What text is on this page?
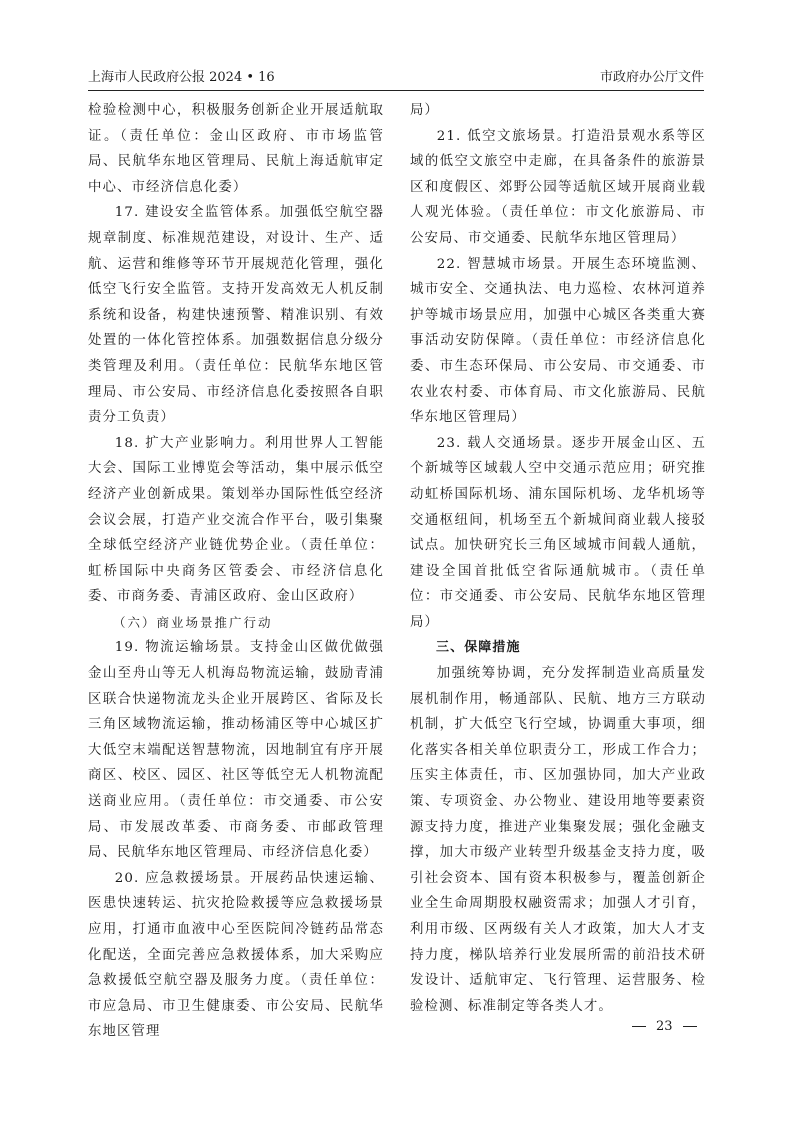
上海市人民政府公报 2024 • 16	市政府办公厅文件

检验检测中心，积极服务创新企业开展适航取证。（责任单位：金山区政府、市市场监管局、民航华东地区管理局、民航上海适航审定中心、市经济信息化委）

17. 建设安全监管体系。加强低空航空器规章制度、标准规范建设，对设计、生产、适航、运营和维修等环节开展规范化管理，强化低空飞行安全监管。支持开发高效无人机反制系统和设备，构建快速预警、精准识别、有效处置的一体化管控体系。加强数据信息分级分类管理及利用。（责任单位：民航华东地区管理局、市公安局、市经济信息化委按照各自职责分工负责）

18. 扩大产业影响力。利用世界人工智能大会、国际工业博览会等活动，集中展示低空经济产业创新成果。策划举办国际性低空经济会议会展，打造产业交流合作平台，吸引集聚全球低空经济产业链优势企业。（责任单位：虹桥国际中央商务区管委会、市经济信息化委、市商务委、青浦区政府、金山区政府）

（六）商业场景推广行动

19. 物流运输场景。支持金山区做优做强金山至舟山等无人机海岛物流运输，鼓励青浦区联合快递物流龙头企业开展跨区、省际及长三角区域物流运输，推动杨浦区等中心城区扩大低空末端配送智慧物流，因地制宜有序开展商区、校区、园区、社区等低空无人机物流配送商业应用。（责任单位：市交通委、市公安局、市发展改革委、市商务委、市邮政管理局、民航华东地区管理局、市经济信息化委）

20. 应急救援场景。开展药品快速运输、医患快速转运、抗灾抢险救援等应急救援场景应用，打通市血液中心至医院间冷链药品常态化配送，全面完善应急救援体系，加大采购应急救援低空航空器及服务力度。（责任单位：市应急局、市卫生健康委、市公安局、民航华东地区管理

局）

21. 低空文旅场景。打造沿景观水系等区域的低空文旅空中走廊，在具备条件的旅游景区和度假区、郊野公园等适航区域开展商业载人观光体验。（责任单位：市文化旅游局、市公安局、市交通委、民航华东地区管理局）

22. 智慧城市场景。开展生态环境监测、城市安全、交通执法、电力巡检、农林河道养护等城市场景应用，加强中心城区各类重大赛事活动安防保障。（责任单位：市经济信息化委、市生态环保局、市公安局、市交通委、市农业农村委、市体育局、市文化旅游局、民航华东地区管理局）

23. 载人交通场景。逐步开展金山区、五个新城等区域载人空中交通示范应用；研究推动虹桥国际机场、浦东国际机场、龙华机场等交通枢纽间，机场至五个新城间商业载人接驳试点。加快研究长三角区域城市间载人通航，建设全国首批低空省际通航城市。（责任单位：市交通委、市公安局、民航华东地区管理局）

三、保障措施

加强统筹协调，充分发挥制造业高质量发展机制作用，畅通部队、民航、地方三方联动机制，扩大低空飞行空域，协调重大事项，细化落实各相关单位职责分工，形成工作合力；压实主体责任，市、区加强协同，加大产业政策、专项资金、办公物业、建设用地等要素资源支持力度，推进产业集聚发展；强化金融支撑，加大市级产业转型升级基金支持力度，吸引社会资本、国有资本积极参与，覆盖创新企业全生命周期股权融资需求；加强人才引育，利用市级、区两级有关人才政策，加大人才支持力度，梯队培养行业发展所需的前沿技术研发设计、适航审定、飞行管理、运营服务、检验检测、标准制定等各类人才。

23
